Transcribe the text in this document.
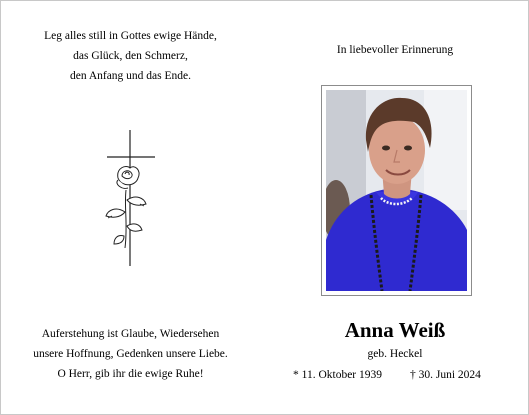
Leg alles still in Gottes ewige Hände,
das Glück, den Schmerz,
den Anfang und das Ende.
Auferstehung ist Glaube, Wiedersehen
unsere Hoffnung, Gedenken unsere Liebe.
O Herr, gib ihr die ewige Ruhe!
In liebevoller Erinnerung
Anna Weiß
geb. Heckel
* 11. Oktober 1939 † 30. Juni 2024
